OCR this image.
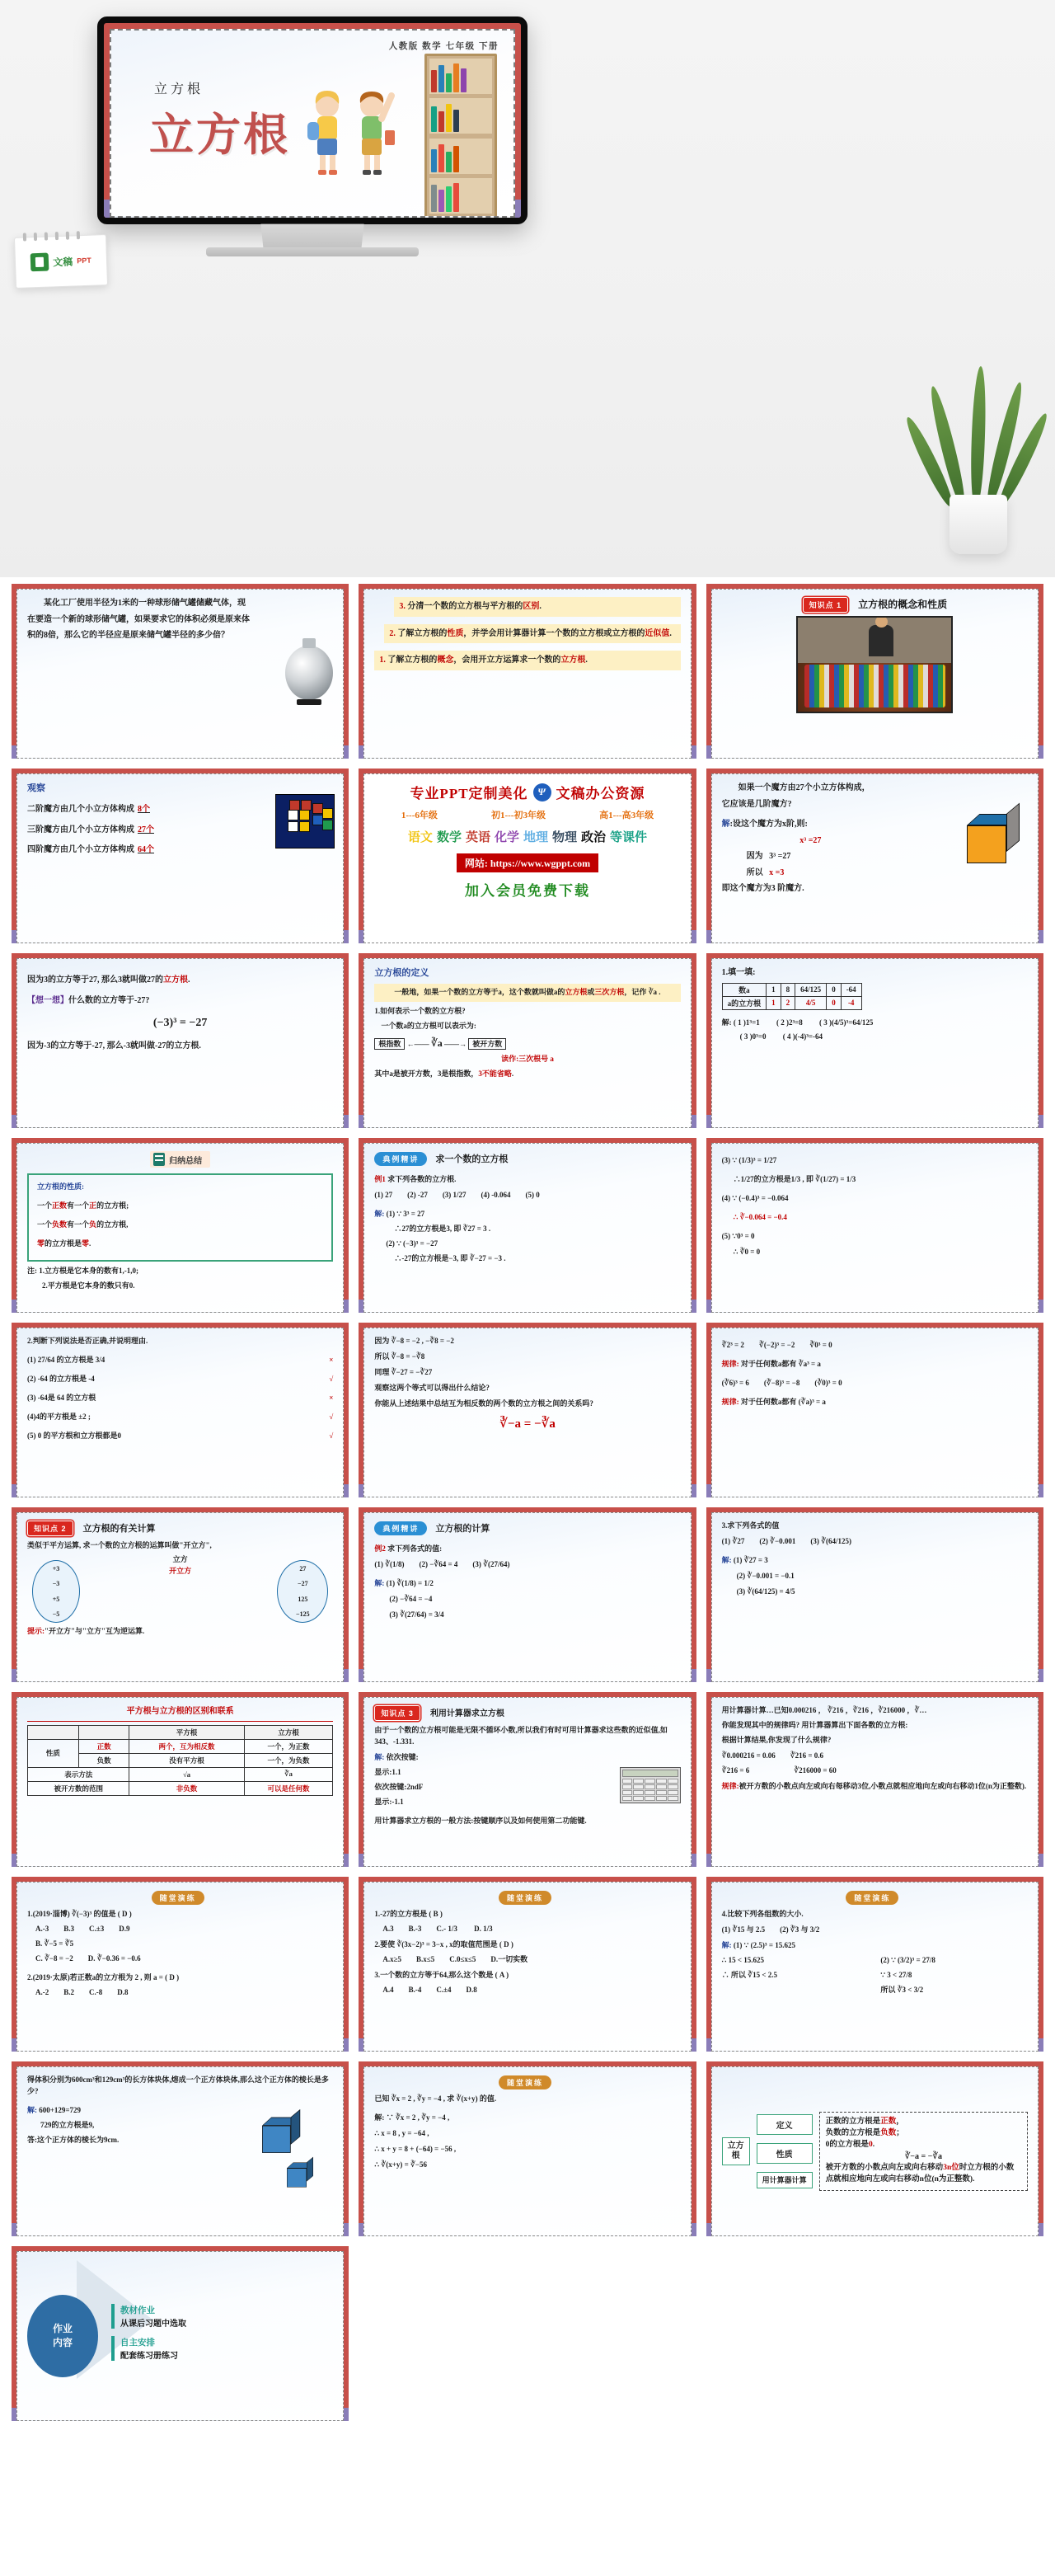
人教版 数学 七年级 下册
立方根
立方根
文稿 PPT

　　某化工厂使用半径为1米的一种球形储气罐储藏气体，现

在要造一个新的球形储气罐，如果要求它的体积必须是原来体

积的8倍，那么它的半径应是原来储气罐半径的多少倍？

3. 分清一个数的立方根与平方根的区别.

2. 了解立方根的性质，并学会用计算器计算一个数的立方根或立方根的近似值.

1. 了解立方根的概念，会用开立方运算求一个数的立方根.

知识点 1 立方根的概念和性质

观察

二阶魔方由几个小立方体构成 8个

三阶魔方由几个小立方体构成 27个

四阶魔方由几个小立方体构成 64个

专业PPT定制美化 Ψ 文稿办公资源
1---6年级	初1---初3年级	高1---高3年级
语文 数学 英语 化学 地理 物理 政治 等课件
网站: https://www.wgppt.com
加入会员免费下载

　　如果一个魔方由27个小立方体构成，

它应该是几阶魔方?

解:设这个魔方为x阶,则:

x³ =27

因为 3³ =27

所以 x =3

即这个魔方为3 阶魔方.

因为3的立方等于27, 那么3就叫做27的立方根.

【想一想】什么数的立方等于-27?

(−3)³ = −27

因为-3的立方等于-27, 那么-3就叫做-27的立方根.

立方根的定义

　　一般地，如果一个数的立方等于a，这个数就叫做a的立方根或三次方根，记作 ∛a .

1.如何表示一个数的立方根?

一个数a的立方根可以表示为:

根指数 ←—— ∛a ——→ 被开方数

读作:三次根号 a

其中a是被开方数，3是根指数，3不能省略.

1.填一填:

数a	1	8	64/125	0	-64
a的立方根	1	2	4/5	0	-4

解: ( 1 )1³=1 　　( 2 )2³=8 　　( 3 )(4/5)³=64/125

( 3 )0³=0 　　( 4 )(-4)³=-64

归纳总结

立方根的性质:

一个正数有一个正的立方根;

一个负数有一个负的立方根,

零的立方根是零.

注: 1.立方根是它本身的数有1,-1,0;

2.平方根是它本身的数只有0.

典例精讲 求一个数的立方根

例1 求下列各数的立方根.

(1) 27　　(2) -27　　(3) 1/27　　(4) -0.064　　(5) 0

解: (1) ∵ 3³ = 27

∴27的立方根是3, 即 ∛27 = 3 .

(2) ∵ (−3)³ = −27

∴-27的立方根是−3, 即 ∛−27 = −3 .

(3) ∵ (1/3)³ = 1/27

∴1/27的立方根是1/3 , 即 ∛(1/27) = 1/3

(4) ∵ (−0.4)³ = −0.064

∴ ∛−0.064 = −0.4

(5) ∵0³ = 0

∴ ∛0 = 0

2.判断下列说法是否正确,并说明理由.

(1) 27/64 的立方根是 3/4	×

(2) -64 的立方根是 -4	√

(3) -64是 64 的立方根	×

(4)4的平方根是 ±2 ;	√

(5) 0 的平方根和立方根都是0	√

因为 ∛−8 = −2 , −∛8 = −2

所以 ∛−8 = −∛8

同理 ∛−27 = −∛27

观察这两个等式可以得出什么结论?

你能从上述结果中总结互为相反数的两个数的立方根之间的关系吗?

∛−a = −∛a

∛2³ = 2　　∛(−2)³ = −2　　∛0³ = 0

规律: 对于任何数a都有 ∛a³ = a

(∛6)³ = 6　　(∛−8)³ = −8　　(∛0)³ = 0

规律: 对于任何数a都有 (∛a)³ = a

知识点 2 立方根的有关计算

类似于平方运算, 求一个数的立方根的运算叫做"开立方",

立方
开立方
+3
−3
+5
−5
27
−27
125
−125

提示:"开立方"与"立方"互为逆运算.

典例精讲 立方根的计算

例2 求下列各式的值:

(1) ∛(1/8)　　(2) −∛64 = 4　　(3) ∛(27/64)

解: (1) ∛(1/8) = 1/2

(2) −∛64 = −4

(3) ∛(27/64) = 3/4

3.求下列各式的值

(1) ∛27　　(2) ∛−0.001　　(3) ∛(64/125)

解: (1) ∛27 = 3

(2) ∛−0.001 = −0.1

(3) ∛(64/125) = 4/5

平方根与立方根的区别和联系

		平方根	立方根
性质	正数	两个，互为相反数	一个，为正数
	负数	没有平方根	一个，为负数
表示方法		√a	∛a
被开方数的范围		非负数	可以是任何数
知识点 3 利用计算器求立方根

由于一个数的立方根可能是无限不循环小数,所以我们有时可用计算器求这些数的近似值,如 343、-1.331.

解: 依次按键:

显示:1.1

依次按键:2ndF

显示:-1.1

用计算器求立方根的一般方法:按键顺序以及如何使用第二功能键.

用计算器计算…已知0.000216 ， ∛216 ，∛216 ，∛216000 ，∛…

你能发现其中的规律吗? 用计算器算出下面各数的立方根:

根据计算结果,你发现了什么规律?

∛0.000216 = 0.06　　∛216 = 0.6

∛216 = 6　　　　　　∛216000 = 60

规律:被开方数的小数点向左或向右每移动3位,小数点就相应地向左或向右移动1位(n为正整数).

随堂演练

1.(2019·淄博) ∛(−3)³ 的值是 ( D )

A.-3　　B.3　　C.±3　　D.9

B. ∛−5 = ∛5

C. ∛−8 = −2　　D. ∛−0.36 = −0.6

2.(2019·太原)若正数a的立方根为 2 , 则 a = ( D )

A.-2　　B.2　　C.-8　　D.8

随堂演练

1.-27的立方根是 ( B )

A.3　　B.-3　　C.- 1/3 　　D. 1/3

2.要使 ∛(3x−2)³ = 3−x , x的取值范围是 ( D )

A.x≥5　　B.x≤5　　C.0≤x≤5　　D.一切实数

3.一个数的立方等于64,那么这个数是 ( A )

A.4　　B.-4　　C.±4　　D.8

随堂演练

4.比较下列各组数的大小.

(1) ∛15 与 2.5　　(2) ∛3 与 3/2

解: (1) ∵ (2.5)³ = 15.625

∴ 15 < 15.625

∴ 所以 ∛15 < 2.5

(2) ∵ (3/2)³ = 27/8

∵ 3 < 27/8

所以 ∛3 < 3/2

得体积分别为600cm³和129cm³的长方体块体,熔成一个正方体块体,那么这个正方体的棱长是多少?

解: 600+129=729

729的立方根是9,

答:这个正方体的棱长为9cm.

随堂演练

已知 ∛x = 2 , ∛y = −4 , 求 ∛(x+y) 的值.

解: ∵ ∛x = 2 , ∛y = −4 ,

∴ x = 8 , y = −64 ,

∴ x + y = 8 + (−64) = −56 ,

∴ ∛(x+y) = ∛−56

立方根
定义
性质
用计算器计算
正数的立方根是正数，
负数的立方根是负数；
0的立方根是0.
∛−a = −∛a
被开方数的小数点向左或向右移动3n位时立方根的小数点就相应地向左或向右移动n位(n为正整数).
作业
内容
教材作业
从课后习题中选取
自主安排
配套练习册练习
